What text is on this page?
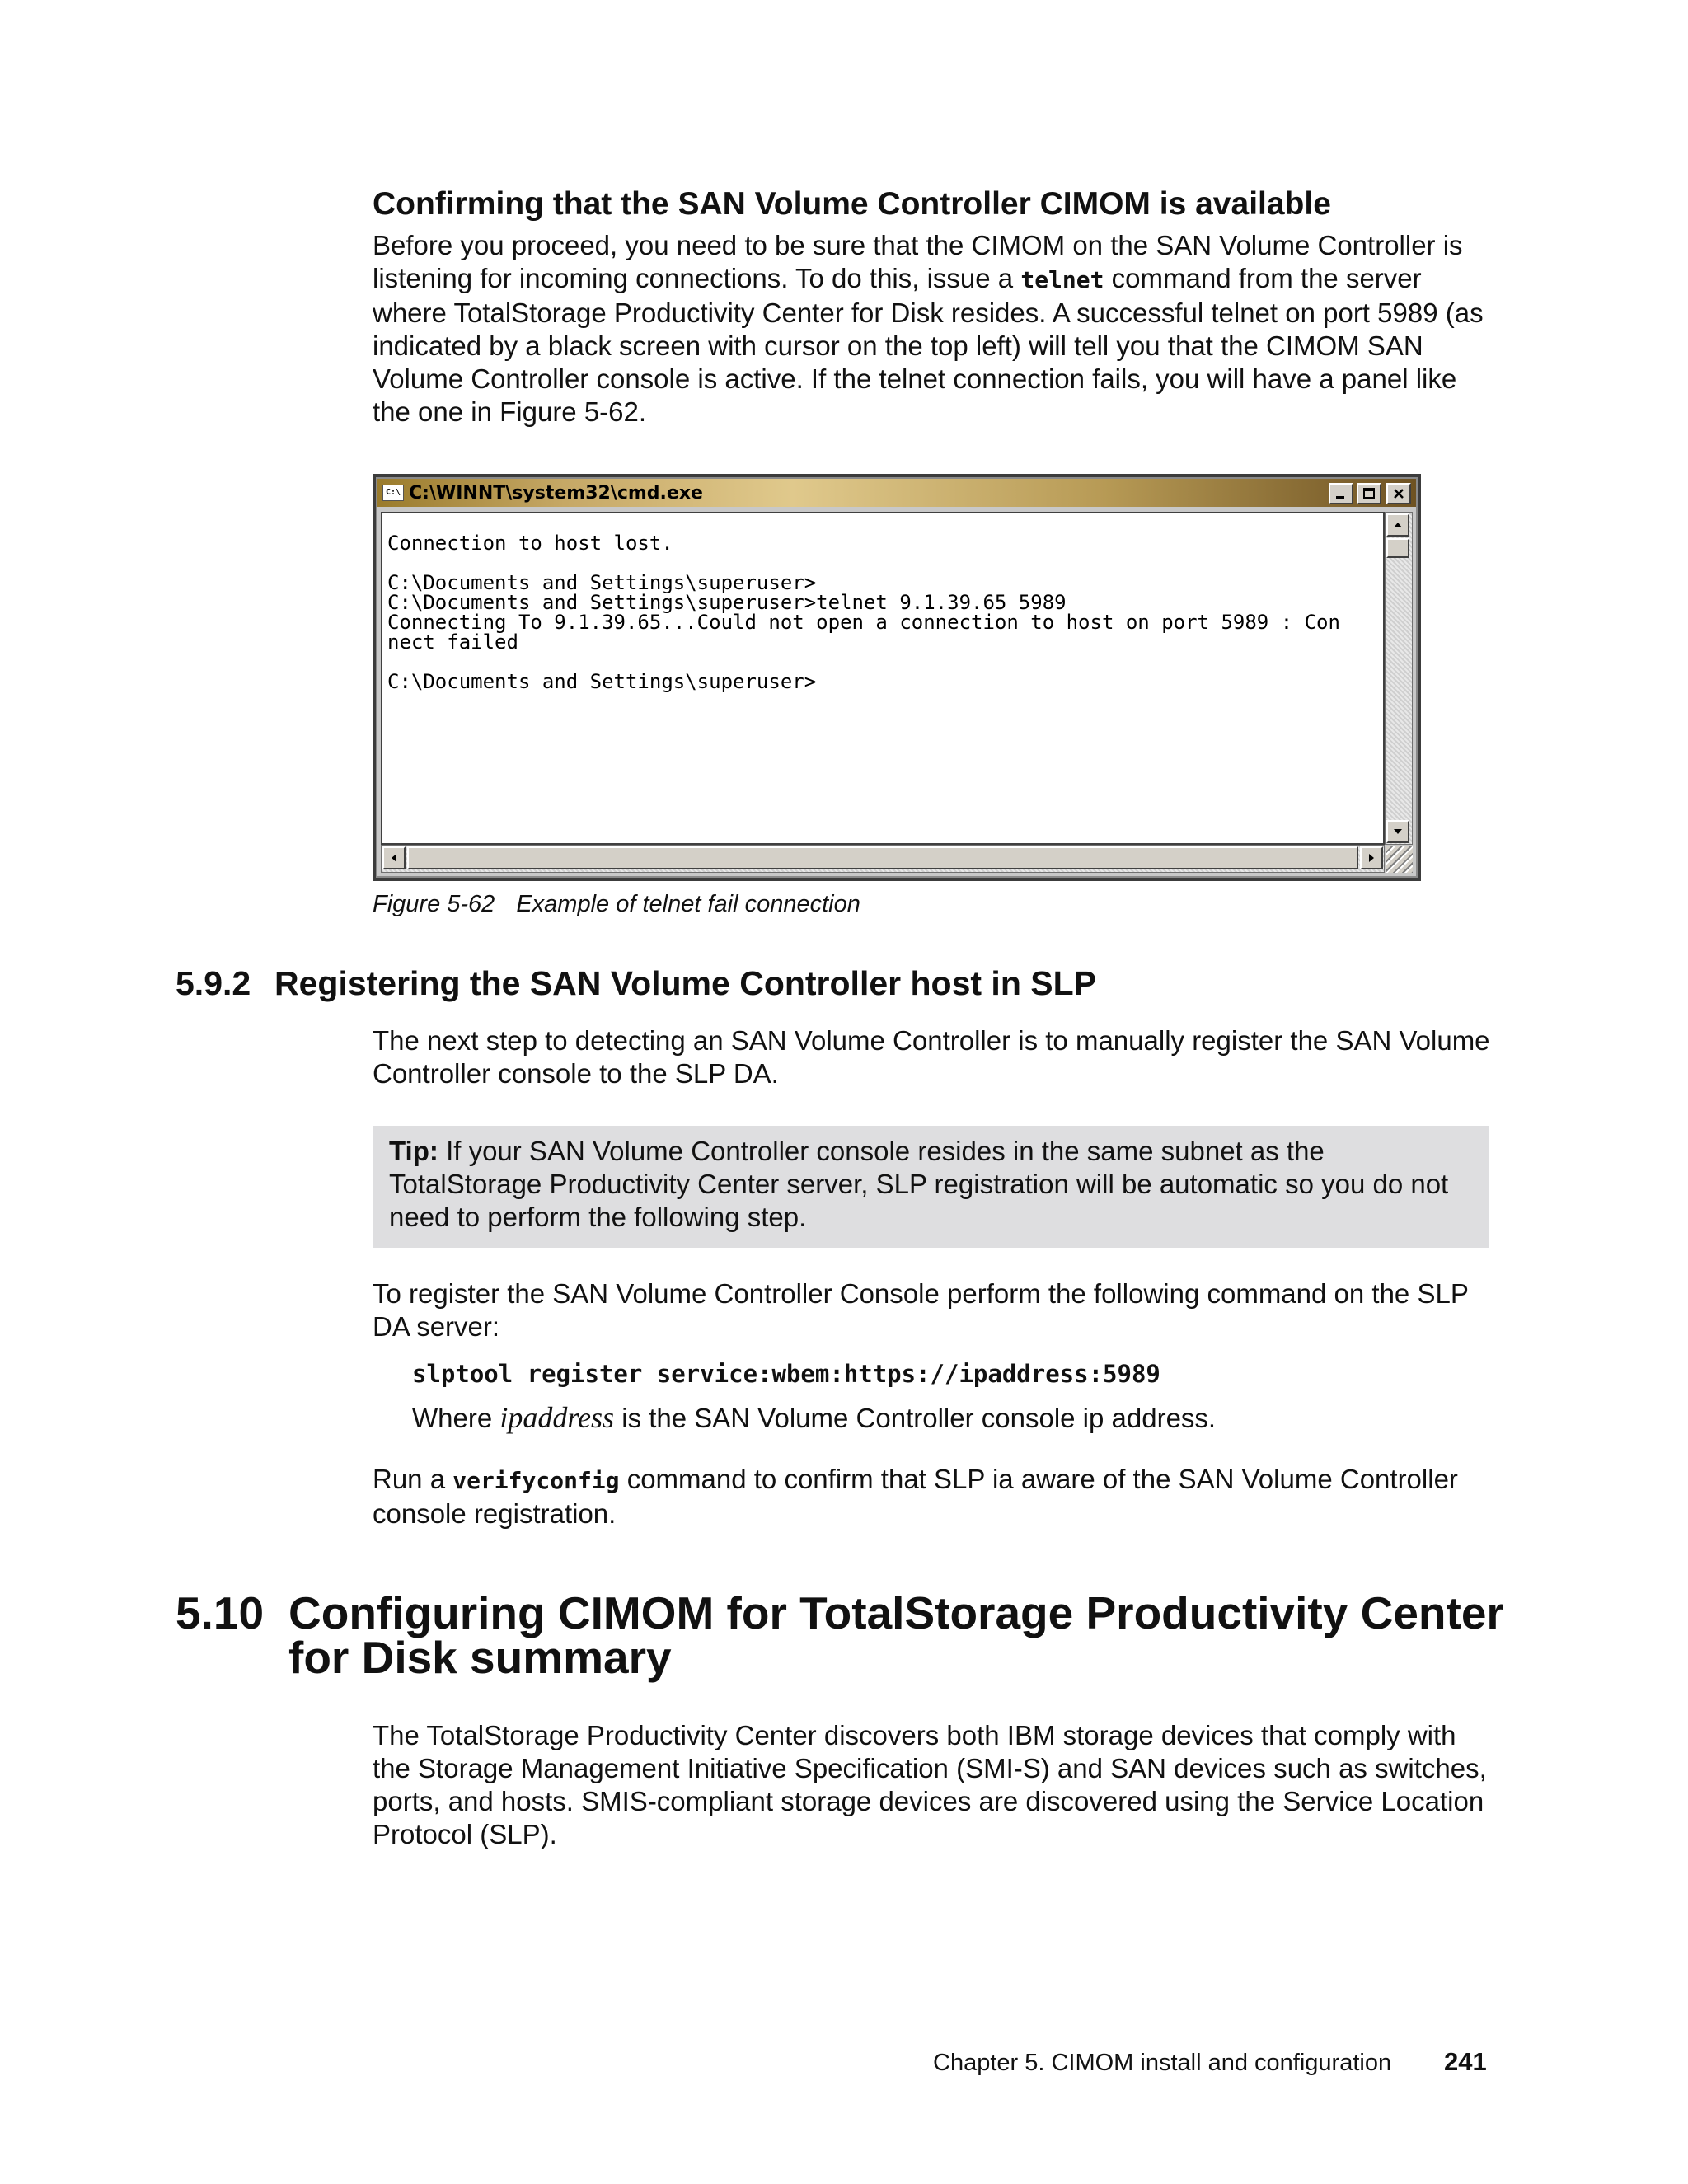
Confirming that the SAN Volume Controller CIMOM is available
Before you proceed, you need to be sure that the CIMOM on the SAN Volume Controller is listening for incoming connections. To do this, issue a telnet command from the server where TotalStorage Productivity Center for Disk resides. A successful telnet on port 5989 (as indicated by a black screen with cursor on the top left) will tell you that the CIMOM SAN Volume Controller console is active. If the telnet connection fails, you will have a panel like the one in Figure 5-62.
C:\ C:\WINNT\system32\cmd.exe
Connection to host lost.

C:\Documents and Settings\superuser>
C:\Documents and Settings\superuser>telnet 9.1.39.65 5989
Connecting To 9.1.39.65...Could not open a connection to host on port 5989 : Con
nect failed

C:\Documents and Settings\superuser>
Figure 5-62 Example of telnet fail connection
5.9.2 Registering the SAN Volume Controller host in SLP
The next step to detecting an SAN Volume Controller is to manually register the SAN Volume Controller console to the SLP DA.
Tip: If your SAN Volume Controller console resides in the same subnet as the TotalStorage Productivity Center server, SLP registration will be automatic so you do not need to perform the following step.
To register the SAN Volume Controller Console perform the following command on the SLP DA server:
slptool register service:wbem:https://ipaddress:5989
Where ipaddress is the SAN Volume Controller console ip address.
Run a verifyconfig command to confirm that SLP ia aware of the SAN Volume Controller console registration.
5.10 Configuring CIMOM for TotalStorage Productivity Center
for Disk summary
The TotalStorage Productivity Center discovers both IBM storage devices that comply with the Storage Management Initiative Specification (SMI-S) and SAN devices such as switches, ports, and hosts. SMIS-compliant storage devices are discovered using the Service Location Protocol (SLP).
Chapter 5. CIMOM install and configuration 241
